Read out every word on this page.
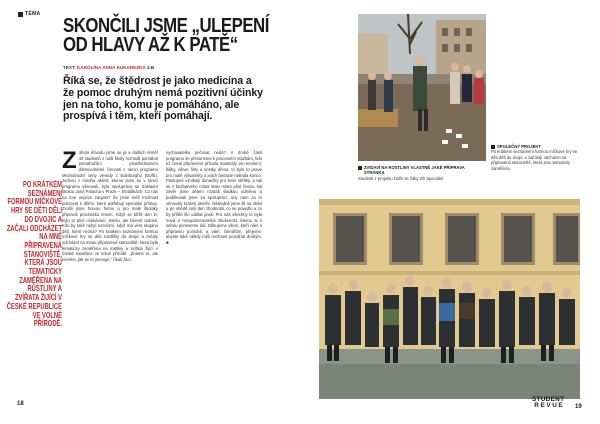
TÉMA SKONČILI JSME „ULEPENÍ
OD HLAVY AŽ K PATĚ“
TEXT: KAROLÍNA ANNA KUKAREZKÁ 3.B
Říká se, že štědrost je jako medicína a že pomoc druhým nemá pozitivní účinky jen na toho, komu je pomáháno, ale prospívá i těm, kteří pomáhají.
PO KRÁTKÉM SEZNÁMENÍ FORMOU MÍČKOVÉ HRY SE DĚTI DĚLI DO DVOJIC A ZAČALI ODCHÁZET NA MNĚ PŘIPRAVENÁ STANOVIŠTĚ, KTERÁ JSOU TEMATICKY ZAMĚŘENA NA RŮSTLINY A ZVÍŘATA ŽIJÍCÍ V ČESKÉ REPUBLICE VE VOLNÉ PŘÍRODĚ.
Z ohoto důvodu jsme se já a dalších téměř 40 studentů z naší školy rozhodli pomáhat pomahačům prostřednictvím dobrovolnické činnosti v rámci programu Mezinárodní ceny vévody z Edinburghu (DofE). Jednou z mnoha aktivit, kterou jsme se v rámci programu věnovali, byla spolupráce se Základní školou Jana Palacha v Praze – Stodůlkách. Co nás na tom nejvíce zaujalo? Že jsme měli možnost pracovat s dětmi, které potřebují speciální přístup. Zvolili jsme hravou formu a pro malé školáky připravili procházku lesem. Když se blížil den D, bylo to plné očekávání, stresu, ale hlavně radosti. Kdo by také nebyl nervózní, když má vést skupinu dětí, které nezná? Po krátkém seznámení formou míčkové hry se děti rozdělily do dvojic a začaly odcházet na mnou připravená stanoviště, která byla tematicky zaměřena na rostliny a zvířata žijící v České republice ve volné přírodě. „Známe to, ale nevíme, jak se to jmenuje,“ říkali žáci.
vychovatelka pečovat nedá? V druhé části programu se přesuneme k procesním otázkám, kdo už čekal připravené příroda materiály pro kreslení, šišky, větve, listy a kostky dřeva, to bylo to pravé pro malé výtvarníky a jejich fantazie nebrala konce. Postupně vznikaly domečky pro lesní skřítky, a tak se z bezbarvého místa stalo místo plné života. Na závěr jsme dětem rozdali sladkou odměnu a poděkovali jsme za spolupráci, ony nám za to věnovaly krásný úsměv. Následně jsme šli na oběd a po obědě celý den zhodnotili, co se povedlo a co by příště šlo udělat jinak. Pro nás všechny to byla nová a nezapomenutelná zkušenost, kterou si s sebou poneseme dál. Děkujeme všem, kteří nám s přípravou pomohli, a vám, čtenářům, přejeme, abyste také někdy měli možnost pomáhat druhým. ■
18
ZVÍDAVÍ NA ROSTLINY VLASTNĚ JAKÉ PŘÍPRAVA STRÁNKA
Studenti z projektu DofE se žáky ZŠ Speciální
SPOLEČNÝ PROJEKT
Po krátkém seznámení formou míčkové hry se děti dělí do dvojic a začínají odcházet na připravená stanoviště, která jsou tematicky zaměřena.
STUDENT
REVUE 19
